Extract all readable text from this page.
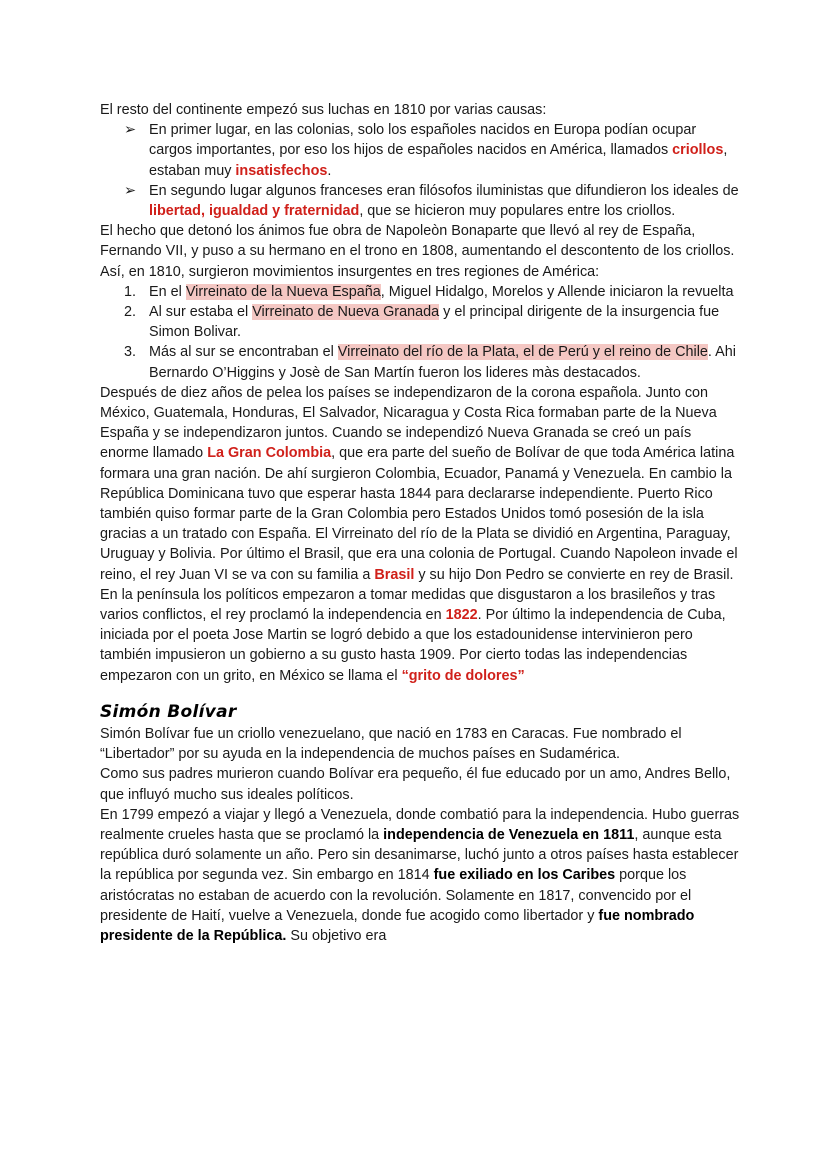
El resto del continente empezó sus luchas en 1810 por varias causas:

➢ En primer lugar, en las colonias, solo los españoles nacidos en Europa podían ocupar cargos importantes, por eso los hijos de españoles nacidos en América, llamados criollos, estaban muy insatisfechos.
➢ En segundo lugar algunos franceses eran filósofos iluministas que difundieron los ideales de libertad, igualdad y fraternidad, que se hicieron muy populares entre los criollos.

El hecho que detonó los ánimos fue obra de Napoleòn Bonaparte que llevó al rey de España, Fernando VII, y puso a su hermano en el trono en 1808, aumentando el descontento de los criollos. Así, en 1810, surgieron movimientos insurgentes en tres regiones de América:

1. En el Virreinato de la Nueva España, Miguel Hidalgo, Morelos y Allende iniciaron la revuelta
2. Al sur estaba el Virreinato de Nueva Granada y el principal dirigente de la insurgencia fue Simon Bolivar.
3. Más al sur se encontraban el Virreinato del río de la Plata, el de Perú y el reino de Chile. Ahi Bernardo O’Higgins y Josè de San Martín fueron los lideres màs destacados.

Después de diez años de pelea los países se independizaron de la corona española. Junto con México, Guatemala, Honduras, El Salvador, Nicaragua y Costa Rica formaban parte de la Nueva España y se independizaron juntos. Cuando se independizó Nueva Granada se creó un país enorme llamado La Gran Colombia, que era parte del sueño de Bolívar de que toda América latina formara una gran nación. De ahí surgieron Colombia, Ecuador, Panamá y Venezuela. En cambio la República Dominicana tuvo que esperar hasta 1844 para declararse independiente. Puerto Rico también quiso formar parte de la Gran Colombia pero Estados Unidos tomó posesión de la isla gracias a un tratado con España. El Virreinato del río de la Plata se dividió en Argentina, Paraguay, Uruguay y Bolivia. Por último el Brasil, que era una colonia de Portugal. Cuando Napoleon invade el reino, el rey Juan VI se va con su familia a Brasil y su hijo Don Pedro se convierte en rey de Brasil. En la península los políticos empezaron a tomar medidas que disgustaron a los brasileños y tras varios conflictos, el rey proclamó la independencia en 1822. Por último la independencia de Cuba, iniciada por el poeta Jose Martin se logró debido a que los estadounidense intervinieron pero también impusieron un gobierno a su gusto hasta 1909. Por cierto todas las independencias empezaron con un grito, en México se llama el “grito de dolores”

Simón Bolívar

Simón Bolívar fue un criollo venezuelano, que nació en 1783 en Caracas. Fue nombrado el “Libertador” por su ayuda en la independencia de muchos países en Sudamérica.

Como sus padres murieron cuando Bolívar era pequeño, él fue educado por un amo, Andres Bello, que influyó mucho sus ideales políticos.

En 1799 empezó a viajar y llegó a Venezuela, donde combatió para la independencia. Hubo guerras realmente crueles hasta que se proclamó la independencia de Venezuela en 1811, aunque esta república duró solamente un año. Pero sin desanimarse, luchó junto a otros países hasta establecer la república por segunda vez. Sin embargo en 1814 fue exiliado en los Caribes porque los aristócratas no estaban de acuerdo con la revolución. Solamente en 1817, convencido por el presidente de Haití, vuelve a Venezuela, donde fue acogido como libertador y fue nombrado presidente de la República. Su objetivo era
